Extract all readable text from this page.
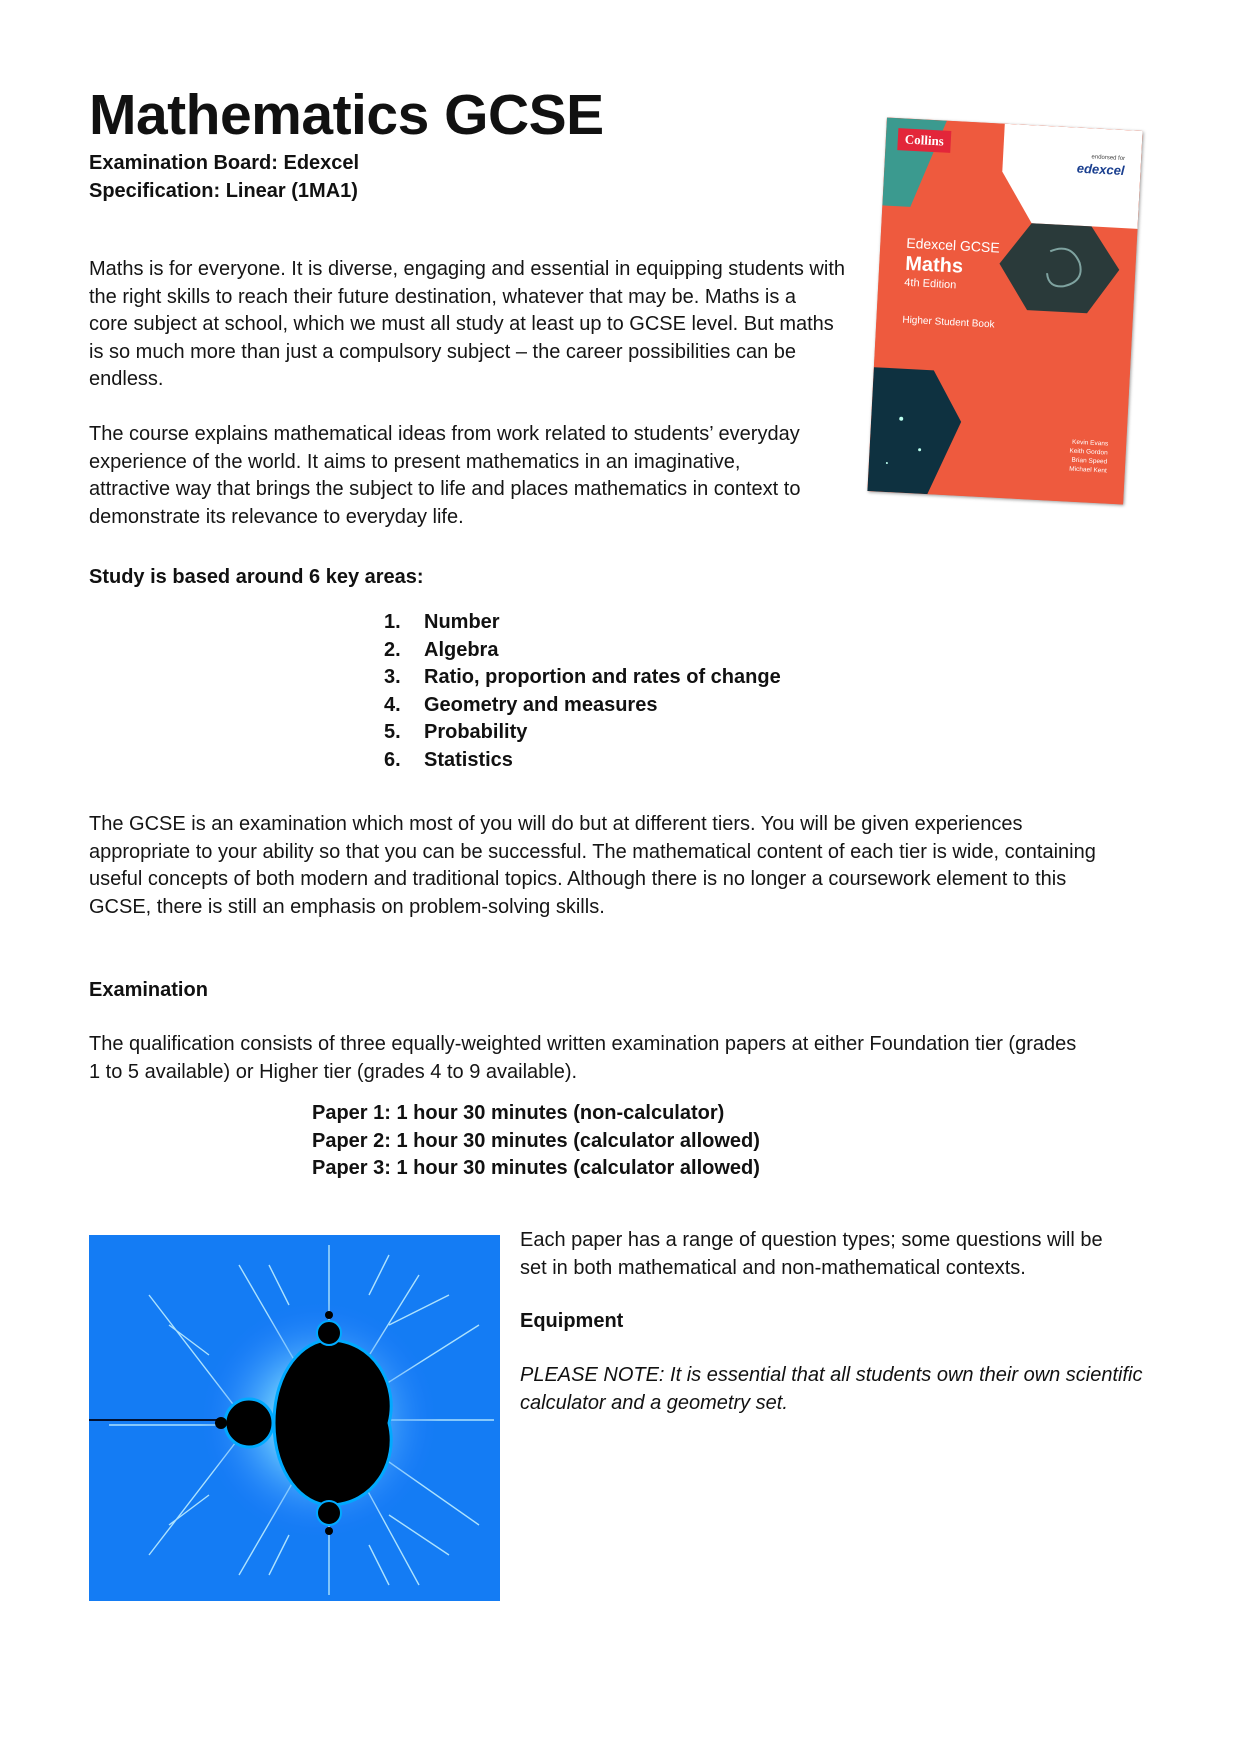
Mathematics GCSE

Examination Board: Edexcel

Specification: Linear (1MA1)

Maths is for everyone. It is diverse, engaging and essential in equipping students with
the right skills to reach their future destination, whatever that may be. Maths is a
core subject at school, which we must all study at least up to GCSE level. But maths
is so much more than just a compulsory subject – the career possibilities can be
endless.
The course explains mathematical ideas from work related to students’ everyday
experience of the world. It aims to present mathematics in an imaginative,
attractive way that brings the subject to life and places mathematics in context to
demonstrate its relevance to everyday life.
Collins
endorsed for
edexcel
Edexcel GCSE
Maths
4th Edition
Higher Student Book
Kevin Evans
Keith Gordon
Brian Speed
Michael Kent

Study is based around 6 key areas:

1. Number
2. Algebra
3. Ratio, proportion and rates of change
4. Geometry and measures
5. Probability
6. Statistics
The GCSE is an examination which most of you will do but at different tiers. You will be given experiences
appropriate to your ability so that you can be successful. The mathematical content of each tier is wide, containing
useful concepts of both modern and traditional topics. Although there is no longer a coursework element to this
GCSE, there is still an emphasis on problem-solving skills.

Examination

The qualification consists of three equally-weighted written examination papers at either Foundation tier (grades
1 to 5 available) or Higher tier (grades 4 to 9 available).
Paper 1: 1 hour 30 minutes (non-calculator)
Paper 2: 1 hour 30 minutes (calculator allowed)
Paper 3: 1 hour 30 minutes (calculator allowed)
Each paper has a range of question types; some questions will be
set in both mathematical and non-mathematical contexts.

Equipment

PLEASE NOTE: It is essential that all students own their own scientific
calculator and a geometry set.
